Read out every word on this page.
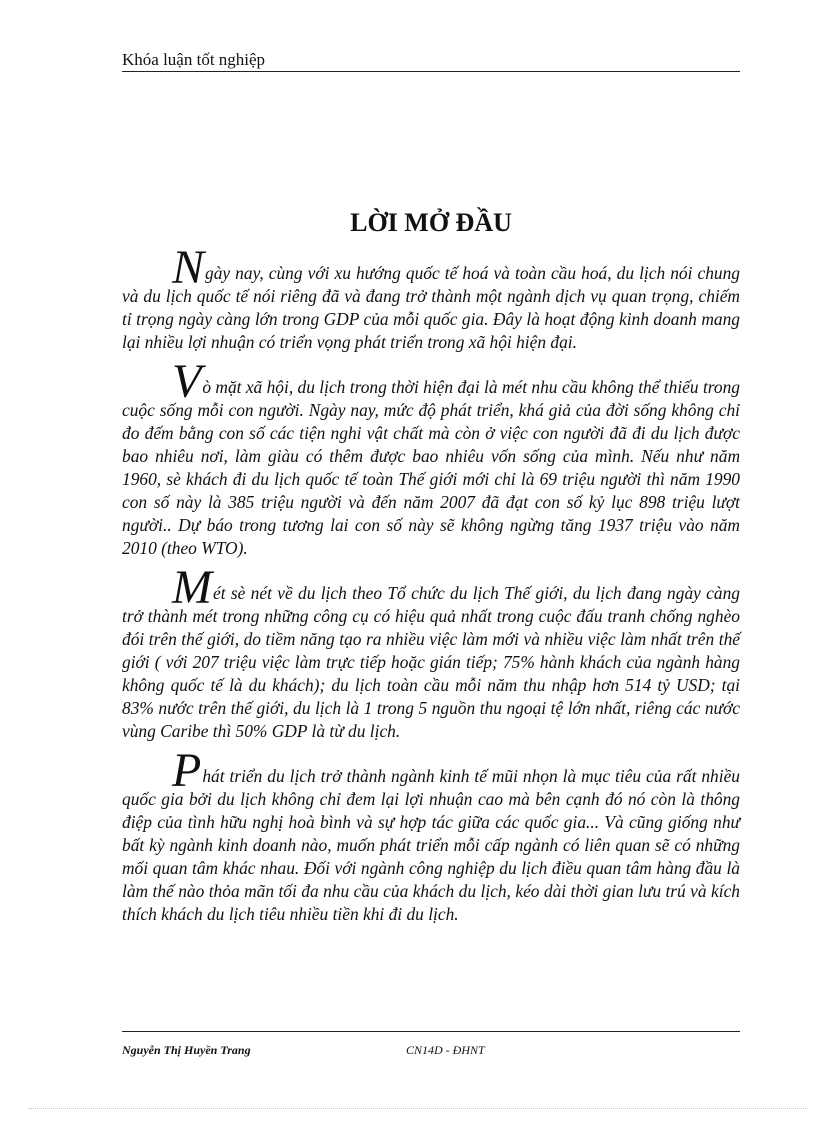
Khóa luận tốt nghiệp
LỜI MỞ ĐẦU

Ngày nay, cùng với xu hướng quốc tế hoá và toàn cầu hoá, du lịch nói chung và du lịch quốc tế nói riêng đã và đang trở thành một ngành dịch vụ quan trọng, chiếm tỉ trọng ngày càng lớn trong GDP của mỗi quốc gia. Đây là hoạt động kinh doanh mang lại nhiều lợi nhuận có triển vọng phát triển trong xã hội hiện đại.

Vò mặt xã hội, du lịch trong thời hiện đại là mét nhu cầu không thể thiếu trong cuộc sống mỗi con người. Ngày nay, mức độ phát triển, khá giả của đời sống không chỉ đo đếm bằng con số các tiện nghi vật chất mà còn ở việc con người đã đi du lịch được bao nhiêu nơi, làm giàu có thêm được bao nhiêu vốn sống của mình. Nếu như năm 1960, sè khách đi du lịch quốc tế toàn Thế giới mới chỉ là 69 triệu người thì năm 1990 con số này là 385 triệu người và đến năm 2007 đã đạt con số kỷ lục 898 triệu lượt người.. Dự báo trong tương lai con số này sẽ không ngừng tăng 1937 triệu vào năm 2010 (theo WTO).

Mét sè nét về du lịch theo Tổ chức du lịch Thế giới, du lịch đang ngày càng trở thành mét trong những công cụ có hiệu quả nhất trong cuộc đấu tranh chống nghèo đói trên thế giới, do tiềm năng tạo ra nhiều việc làm mới và nhiều việc làm nhất trên thế giới ( với 207 triệu việc làm trực tiếp hoặc gián tiếp; 75% hành khách của ngành hàng không quốc tế là du khách); du lịch toàn cầu mỗi năm thu nhập hơn 514 tỷ USD; tại 83% nước trên thế giới, du lịch là 1 trong 5 nguồn thu ngoại tệ lớn nhất, riêng các nước vùng Caribe thì 50% GDP là từ du lịch.

Phát triển du lịch trở thành ngành kinh tế mũi nhọn là mục tiêu của rất nhiều quốc gia bởi du lịch không chỉ đem lại lợi nhuận cao mà bên cạnh đó nó còn là thông điệp của tình hữu nghị hoà bình và sự hợp tác giữa các quốc gia... Và cũng giống như bất kỳ ngành kinh doanh nào, muốn phát triển mỗi cấp ngành có liên quan sẽ có những mối quan tâm khác nhau. Đối với ngành công nghiệp du lịch điều quan tâm hàng đầu là làm thế nào thỏa mãn tối đa nhu cầu của khách du lịch, kéo dài thời gian lưu trú và kích thích khách du lịch tiêu nhiều tiền khi đi du lịch.

Nguyễn Thị Huyền Trang	CN14D - ĐHNT
